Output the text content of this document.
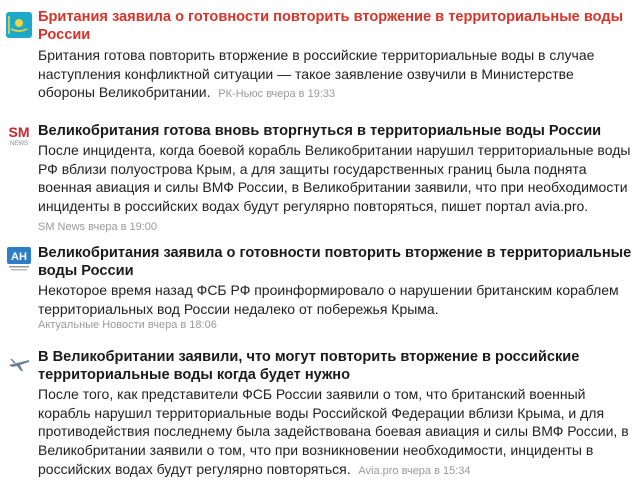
Британия заявила о готовности повторить вторжение в территориальные воды России
Британия готова повторить вторжение в российские территориальные воды в случае наступления конфликтной ситуации — такое заявление озвучили в Министерстве обороны Великобритании. РК-Ньюс вчера в 19:33
SM
NEWS
Великобритания готова вновь вторгнуться в территориальные воды России
После инцидента, когда боевой корабль Великобритании нарушил территориальные воды РФ вблизи полуострова Крым, а для защиты государственных границ была поднята военная авиация и силы ВМФ России, в Великобритании заявили, что при необходимости инциденты в российских водах будут регулярно повторяться, пишет портал avia.pro.  SM News вчера в 19:00
AH Великобритания заявила о готовности повторить вторжение в территориальные воды России
Некоторое время назад ФСБ РФ проинформировало о нарушении британским кораблем территориальных вод России недалеко от побережья Крыма.
Актуальные Новости вчера в 18:06
В Великобритании заявили, что могут повторить вторжение в российские территориальные воды когда будет нужно
После того, как представители ФСБ России заявили о том, что британский военный корабль нарушил территориальные воды Российской Федерации вблизи Крыма, и для противодействия последнему была задействована боевая авиация и силы ВМФ России, в Великобритании заявили о том, что при возникновении необходимости, инциденты в российских водах будут регулярно повторяться. Avia.pro вчера в 15:34
